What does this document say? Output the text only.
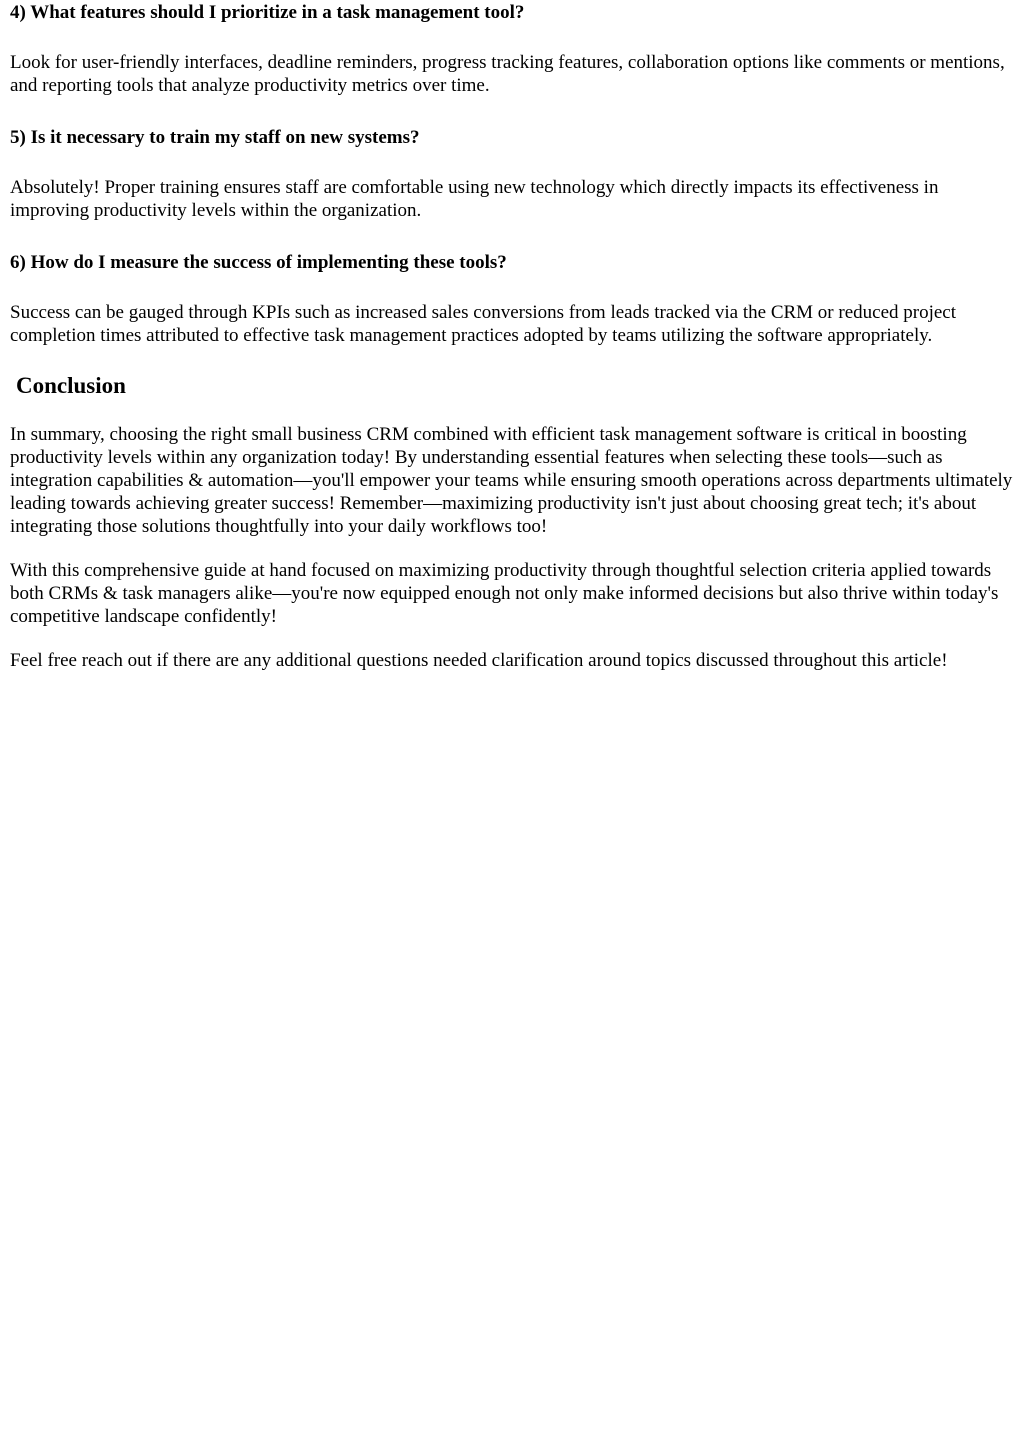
4) What features should I prioritize in a task management tool?

Look for user-friendly interfaces, deadline reminders, progress tracking features, collaboration options like comments or mentions, and reporting tools that analyze productivity metrics over time.

5) Is it necessary to train my staff on new systems?

Absolutely! Proper training ensures staff are comfortable using new technology which directly impacts its effectiveness in improving productivity levels within the organization.

6) How do I measure the success of implementing these tools?

Success can be gauged through KPIs such as increased sales conversions from leads tracked via the CRM or reduced project completion times attributed to effective task management practices adopted by teams utilizing the software appropriately.

Conclusion

In summary, choosing the right small business CRM combined with efficient task management software is critical in boosting productivity levels within any organization today! By understanding essential features when selecting these tools—such as integration capabilities & automation—you'll empower your teams while ensuring smooth operations across departments ultimately leading towards achieving greater success! Remember—maximizing productivity isn't just about choosing great tech; it's about integrating those solutions thoughtfully into your daily workflows too!

With this comprehensive guide at hand focused on maximizing productivity through thoughtful selection criteria applied towards both CRMs & task managers alike—you're now equipped enough not only make informed decisions but also thrive within today's competitive landscape confidently!

Feel free reach out if there are any additional questions needed clarification around topics discussed throughout this article!
